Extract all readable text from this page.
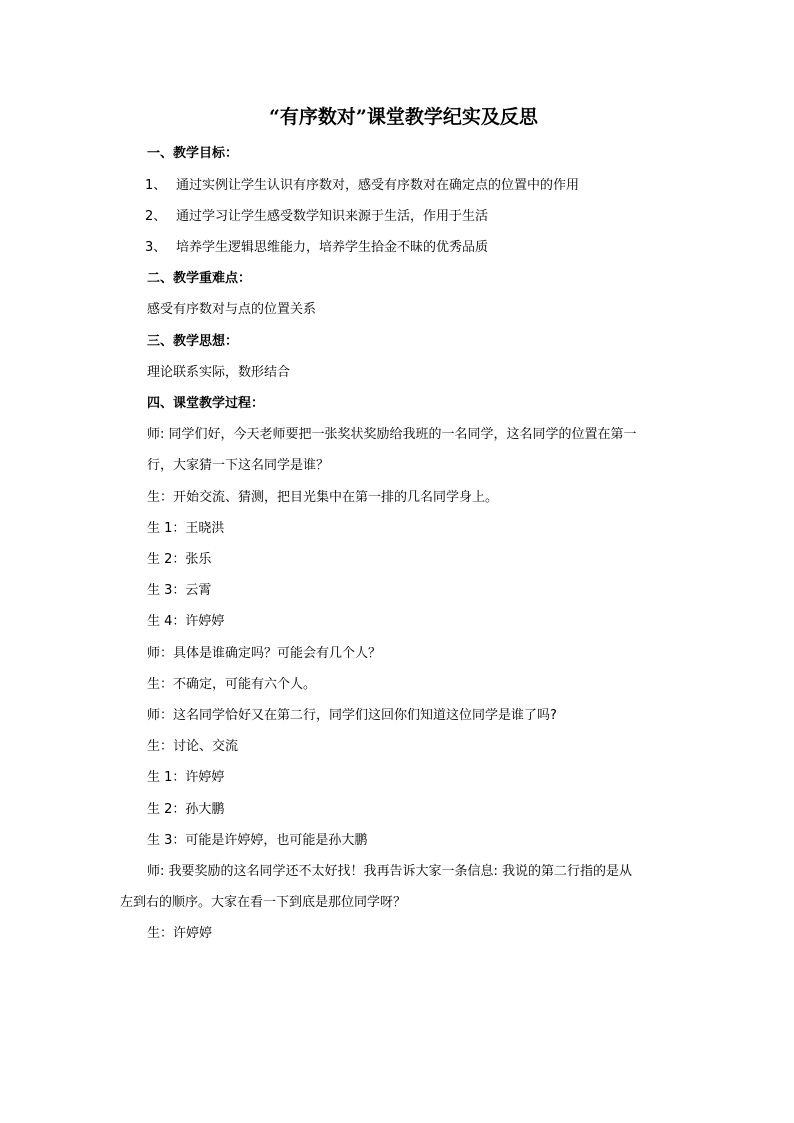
“有序数对”课堂教学纪实及反思
一、教学目标：
1、 通过实例让学生认识有序数对，感受有序数对在确定点的位置中的作用
2、 通过学习让学生感受数学知识来源于生活，作用于生活
3、 培养学生逻辑思维能力，培养学生拾金不昧的优秀品质
二、教学重难点：
感受有序数对与点的位置关系
三、教学思想：
理论联系实际，数形结合
四、课堂教学过程：
师: 同学们好，今天老师要把一张奖状奖励给我班的一名同学，这名同学的位置在第一
行，大家猜一下这名同学是谁？
生：开始交流、猜测，把目光集中在第一排的几名同学身上。
生 1：王晓洪
生 2：张乐
生 3：云霄
生 4：许婷婷
师：具体是谁确定吗？可能会有几个人？
生：不确定，可能有六个人。
师：这名同学恰好又在第二行，同学们这回你们知道这位同学是谁了吗?
生：讨论、交流
生 1：许婷婷
生 2：孙大鹏
生 3：可能是许婷婷，也可能是孙大鹏
师: 我要奖励的这名同学还不太好找！我再告诉大家一条信息: 我说的第二行指的是从
左到右的顺序。大家在看一下到底是那位同学呀？
生：许婷婷
